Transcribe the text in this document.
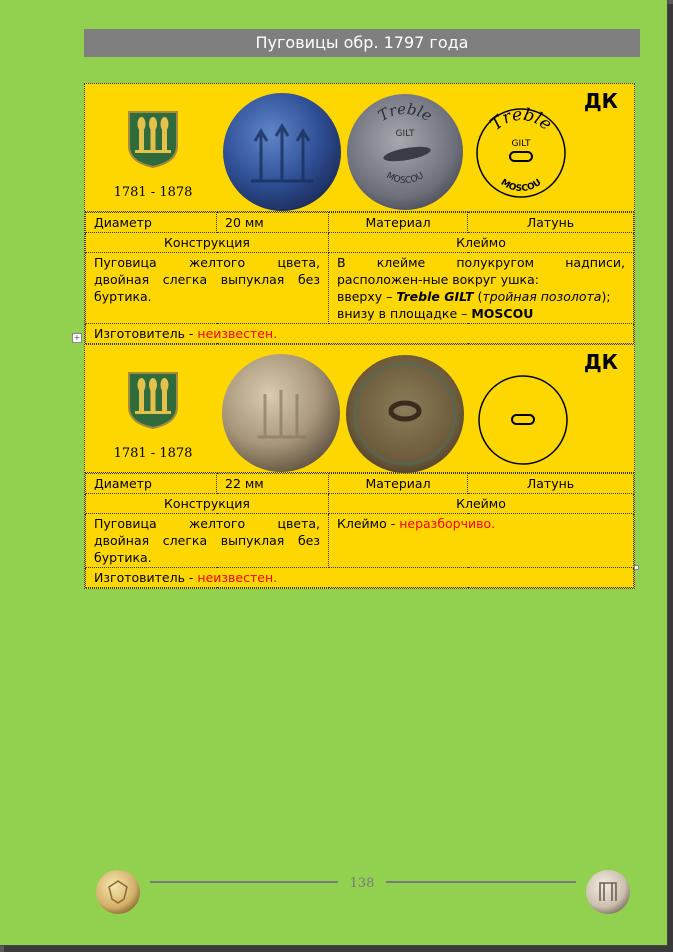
Пуговицы обр. 1797 года
1781 - 1878
Treble
GILT
MOSCOU
Treble
GILT
MOSCOU
ДК
Диаметр	20 мм	Материал	Латунь
Конструкция		Клеймо	
Пуговица желтого цвета, двойная слегка выпуклая без буртика.		В клейме полукругом надписи, расположен-ные вокруг ушка:
вверху – Treble GILT (тройная позолота);
внизу в площадке – MOSCOU	

Изготовитель - неизвестен.			
+
1781 - 1878
ДК
Диаметр	22 мм	Материал	Латунь
Конструкция		Клеймо	
Пуговица желтого цвета, двойная слегка выпуклая без буртика.		Клеймо - неразборчиво.	
Изготовитель - неизвестен.			
138
